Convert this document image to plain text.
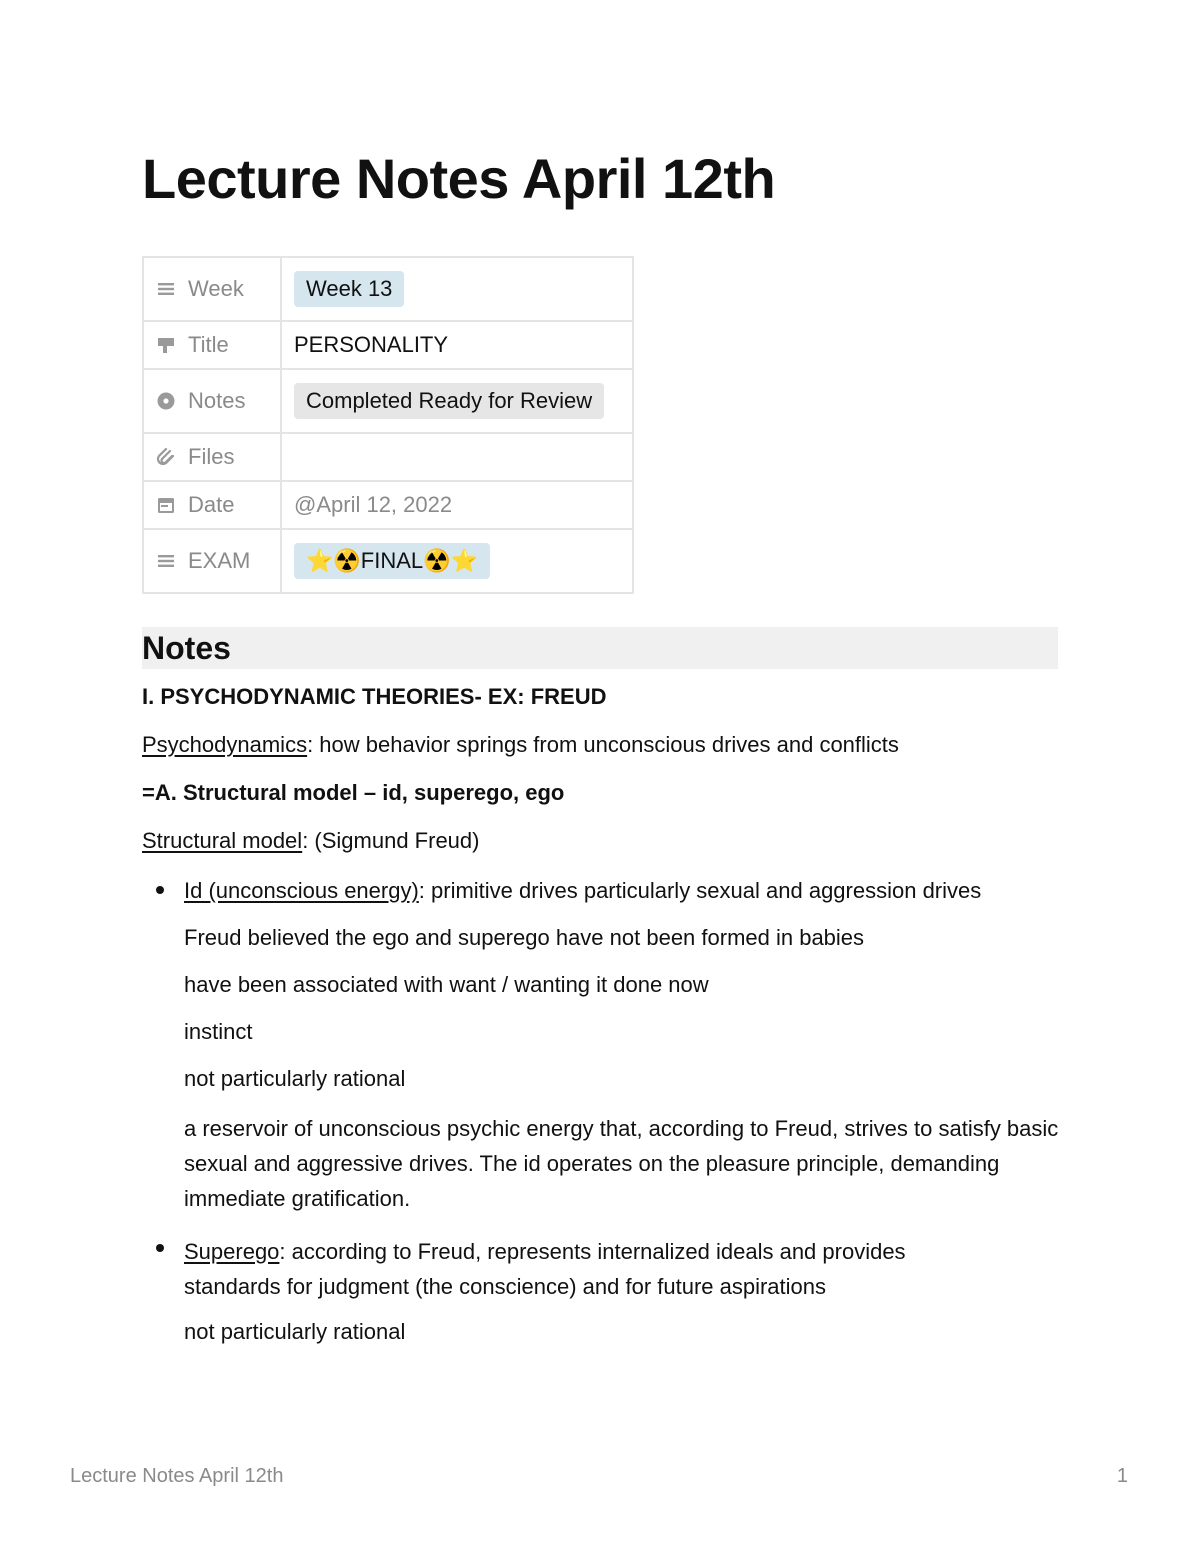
Lecture Notes April 12th
Week	Week 13

Title	PERSONALITY

Notes	Completed Ready for Review

Files	

Date	@April 12, 2022

EXAM	⭐☢️FINAL☢️⭐
Notes

I. PSYCHODYNAMIC THEORIES- EX: FREUD

Psychodynamics: how behavior springs from unconscious drives and conflicts

=A. Structural model – id, superego, ego

Structural model: (Sigmund Freud)

Id (unconscious energy): primitive drives particularly sexual and aggression drives

Freud believed the ego and superego have not been formed in babies

have been associated with want / wanting it done now

instinct

not particularly rational

a reservoir of unconscious psychic energy that, according to Freud, strives to satisfy basic sexual and aggressive drives. The id operates on the pleasure principle, demanding immediate gratification.

Superego: according to Freud, represents internalized ideals and provides standards for judgment (the conscience) and for future aspirations

not particularly rational

Lecture Notes April 12th	1
